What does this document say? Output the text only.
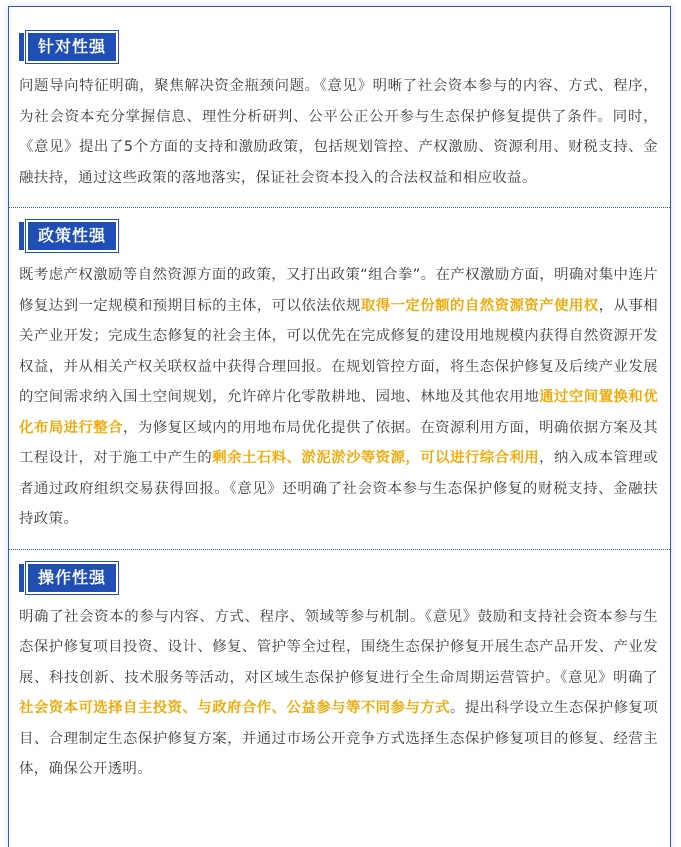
针对性强

问题导向特征明确，聚焦解决资金瓶颈问题。《意见》明晰了社会资本参与的内容、方式、程序，为社会资本充分掌握信息、理性分析研判、公平公正公开参与生态保护修复提供了条件。同时，《意见》提出了5个方面的支持和激励政策，包括规划管控、产权激励、资源利用、财税支持、金融扶持，通过这些政策的落地落实，保证社会资本投入的合法权益和相应收益。

政策性强

既考虑产权激励等自然资源方面的政策，又打出政策“组合拳”。在产权激励方面，明确对集中连片修复达到一定规模和预期目标的主体，可以依法依规取得一定份额的自然资源资产使用权，从事相关产业开发；完成生态修复的社会主体，可以优先在完成修复的建设用地规模内获得自然资源开发权益，并从相关产权关联权益中获得合理回报。在规划管控方面，将生态保护修复及后续产业发展的空间需求纳入国土空间规划，允许碎片化零散耕地、园地、林地及其他农用地通过空间置换和优化布局进行整合，为修复区域内的用地布局优化提供了依据。在资源利用方面，明确依据方案及其工程设计，对于施工中产生的剩余土石料、淤泥淤沙等资源，可以进行综合利用，纳入成本管理或者通过政府组织交易获得回报。《意见》还明确了社会资本参与生态保护修复的财税支持、金融扶持政策。

操作性强

明确了社会资本的参与内容、方式、程序、领域等参与机制。《意见》鼓励和支持社会资本参与生态保护修复项目投资、设计、修复、管护等全过程，围绕生态保护修复开展生态产品开发、产业发展、科技创新、技术服务等活动，对区域生态保护修复进行全生命周期运营管护。《意见》明确了社会资本可选择自主投资、与政府合作、公益参与等不同参与方式。提出科学设立生态保护修复项目、合理制定生态保护修复方案，并通过市场公开竞争方式选择生态保护修复项目的修复、经营主体，确保公开透明。
